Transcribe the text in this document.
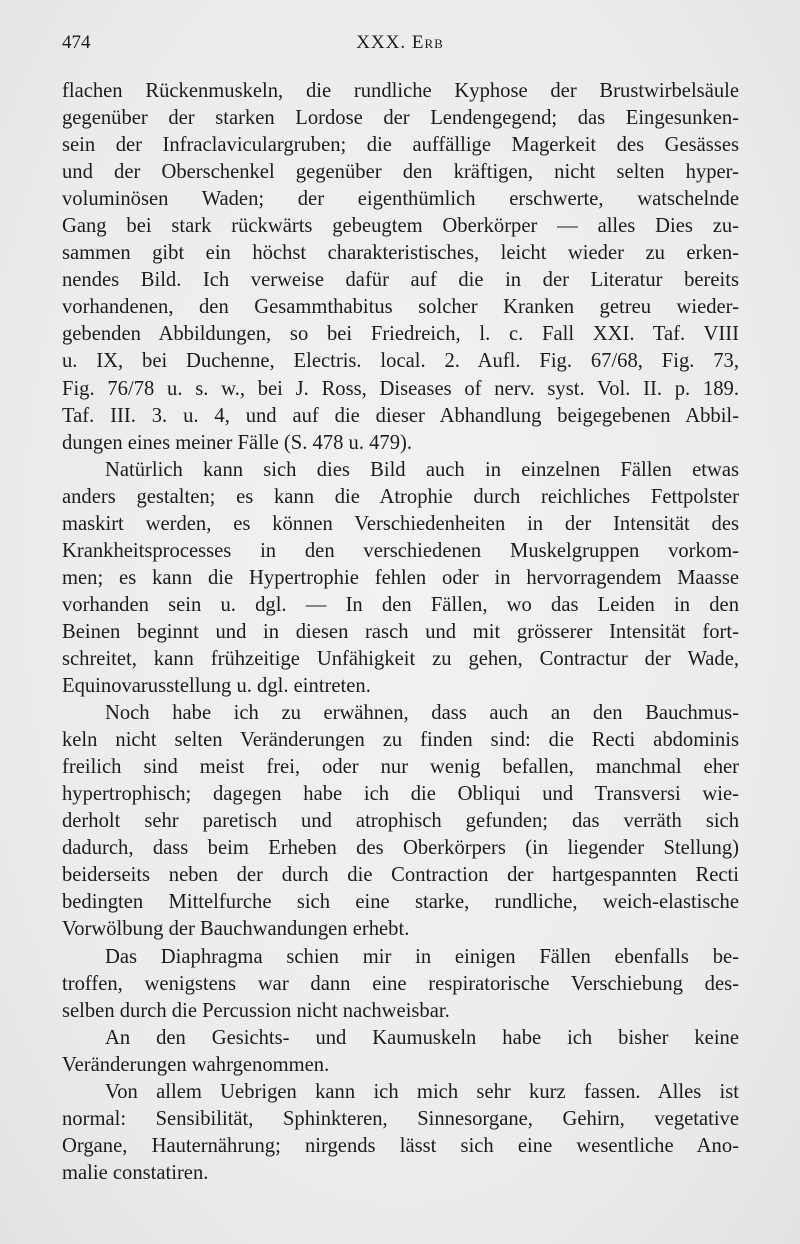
474	XXX. Erb
flachen Rückenmuskeln, die rundliche Kyphose der Brustwirbelsäule
gegenüber der starken Lordose der Lendengegend; das Eingesunken-
sein der Infraclaviculargruben; die auffällige Magerkeit des Gesässes
und der Oberschenkel gegenüber den kräftigen, nicht selten hyper-
voluminösen Waden; der eigenthümlich erschwerte, watschelnde
Gang bei stark rückwärts gebeugtem Oberkörper — alles Dies zu-
sammen gibt ein höchst charakteristisches, leicht wieder zu erken-
nendes Bild. Ich verweise dafür auf die in der Literatur bereits
vorhandenen, den Gesammthabitus solcher Kranken getreu wieder-
gebenden Abbildungen, so bei Friedreich, l. c. Fall XXI. Taf. VIII
u. IX, bei Duchenne, Electris. local. 2. Aufl. Fig. 67/68, Fig. 73,
Fig. 76/78 u. s. w., bei J. Ross, Diseases of nerv. syst. Vol. II. p. 189.
Taf. III. 3. u. 4, und auf die dieser Abhandlung beigegebenen Abbil-
dungen eines meiner Fälle (S. 478 u. 479).
Natürlich kann sich dies Bild auch in einzelnen Fällen etwas
anders gestalten; es kann die Atrophie durch reichliches Fettpolster
maskirt werden, es können Verschiedenheiten in der Intensität des
Krankheitsprocesses in den verschiedenen Muskelgruppen vorkom-
men; es kann die Hypertrophie fehlen oder in hervorragendem Maasse
vorhanden sein u. dgl. — In den Fällen, wo das Leiden in den
Beinen beginnt und in diesen rasch und mit grösserer Intensität fort-
schreitet, kann frühzeitige Unfähigkeit zu gehen, Contractur der Wade,
Equinovarusstellung u. dgl. eintreten.
Noch habe ich zu erwähnen, dass auch an den Bauchmus-
keln nicht selten Veränderungen zu finden sind: die Recti abdominis
freilich sind meist frei, oder nur wenig befallen, manchmal eher
hypertrophisch; dagegen habe ich die Obliqui und Transversi wie-
derholt sehr paretisch und atrophisch gefunden; das verräth sich
dadurch, dass beim Erheben des Oberkörpers (in liegender Stellung)
beiderseits neben der durch die Contraction der hartgespannten Recti
bedingten Mittelfurche sich eine starke, rundliche, weich-elastische
Vorwölbung der Bauchwandungen erhebt.
Das Diaphragma schien mir in einigen Fällen ebenfalls be-
troffen, wenigstens war dann eine respiratorische Verschiebung des-
selben durch die Percussion nicht nachweisbar.
An den Gesichts- und Kaumuskeln habe ich bisher keine
Veränderungen wahrgenommen.
Von allem Uebrigen kann ich mich sehr kurz fassen. Alles ist
normal: Sensibilität, Sphinkteren, Sinnesorgane, Gehirn, vegetative
Organe, Hauternährung; nirgends lässt sich eine wesentliche Ano-
malie constatiren.
